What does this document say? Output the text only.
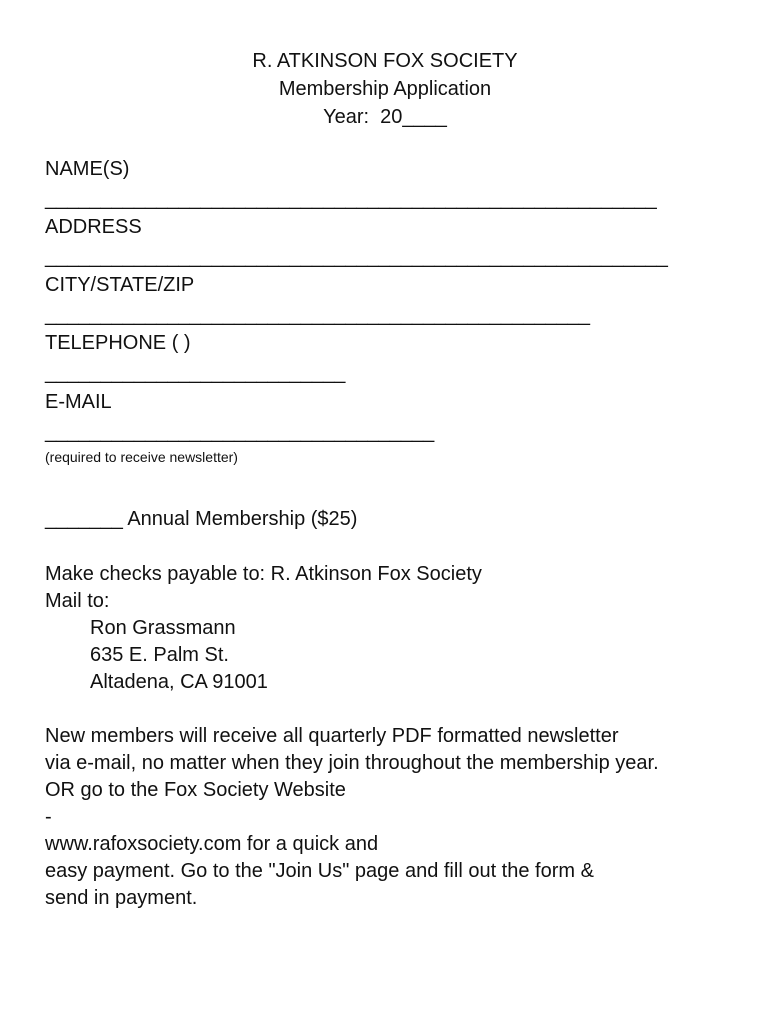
R. ATKINSON FOX SOCIETY
Membership Application
Year:  20____
NAME(S)
_______________________________________________________
ADDRESS
________________________________________________________
CITY/STATE/ZIP
_________________________________________________
TELEPHONE ( )
___________________________
E-MAIL
___________________________________
(required to receive newsletter)
_______ Annual Membership ($25)
Make checks payable to: R. Atkinson Fox Society
Mail to:
Ron Grassmann
635 E. Palm St.
Altadena, CA 91001
New members will receive all quarterly PDF formatted newsletter
via e-mail, no matter when they join throughout the membership year.
OR go to the Fox Society Website
-
www.rafoxsociety.com for a quick and
easy payment. Go to the "Join Us" page and fill out the form &
send in payment.
